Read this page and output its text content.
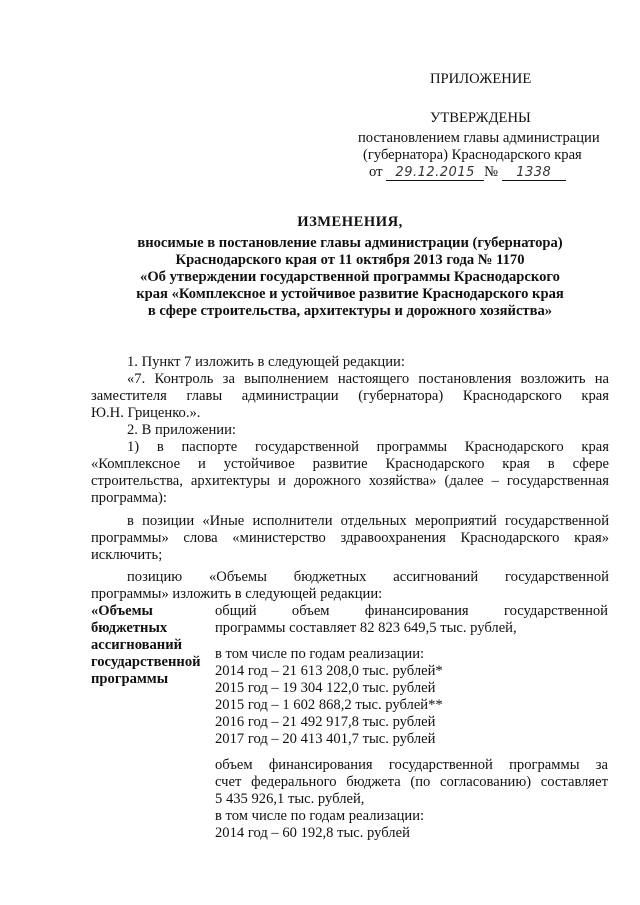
ПРИЛОЖЕНИЕ
УТВЕРЖДЕНЫ
постановлением главы администрации
(губернатора) Краснодарского края
от 29.12.2015 № 1338
ИЗМЕНЕНИЯ,
вносимые в постановление главы администрации (губернатора)
Краснодарского края от 11 октября 2013 года № 1170
«Об утверждении государственной программы Краснодарского
края «Комплексное и устойчивое развитие Краснодарского края
в сфере строительства, архитектуры и дорожного хозяйства»
1. Пункт 7 изложить в следующей редакции:
«7. Контроль за выполнением настоящего постановления возложить на
заместителя главы администрации (губернатора) Краснодарского края
Ю.Н. Гриценко.».
2. В приложении:
1) в паспорте государственной программы Краснодарского края
«Комплексное и устойчивое развитие Краснодарского края в сфере
строительства, архитектуры и дорожного хозяйства» (далее – государственная
программа):
в позиции «Иные исполнители отдельных мероприятий государственной
программы» слова «министерство здравоохранения Краснодарского края»
исключить;
позицию «Объемы бюджетных ассигнований государственной
программы» изложить в следующей редакции:
«Объемы
бюджетных
ассигнований
государственной
программы
общий объем финансирования государственной
программы составляет 82 823 649,5 тыс. рублей,
в том числе по годам реализации:
2014 год – 21 613 208,0 тыс. рублей*
2015 год – 19 304 122,0 тыс. рублей
2015 год – 1 602 868,2 тыс. рублей**
2016 год – 21 492 917,8 тыс. рублей
2017 год – 20 413 401,7 тыс. рублей
объем финансирования государственной программы за
счет федерального бюджета (по согласованию) составляет
5 435 926,1 тыс. рублей,
в том числе по годам реализации:
2014 год – 60 192,8 тыс. рублей
